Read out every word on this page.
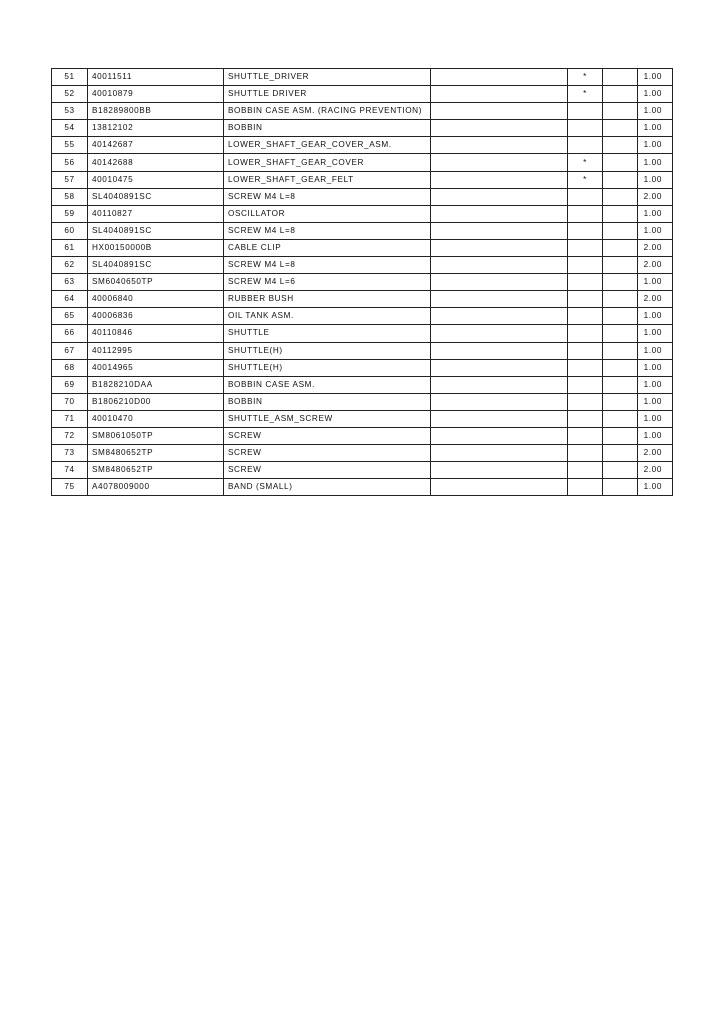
51	40011511	SHUTTLE_DRIVER		*		1.00
52	40010879	SHUTTLE DRIVER		*		1.00
53	B18289800BB	BOBBIN CASE ASM. (RACING PREVENTION)				1.00
54	13812102	BOBBIN				1.00
55	40142687	LOWER_SHAFT_GEAR_COVER_ASM.				1.00
56	40142688	LOWER_SHAFT_GEAR_COVER		*		1.00
57	40010475	LOWER_SHAFT_GEAR_FELT		*		1.00
58	SL4040891SC	SCREW M4 L=8				2.00
59	40110827	OSCILLATOR				1.00
60	SL4040891SC	SCREW M4 L=8				1.00
61	HX00150000B	CABLE CLIP				2.00
62	SL4040891SC	SCREW M4 L=8				2.00
63	SM6040650TP	SCREW M4 L=6				1.00
64	40006840	RUBBER BUSH				2.00
65	40006836	OIL TANK ASM.				1.00
66	40110846	SHUTTLE				1.00
67	40112995	SHUTTLE(H)				1.00
68	40014965	SHUTTLE(H)				1.00
69	B1828210DAA	BOBBIN CASE ASM.				1.00
70	B1806210D00	BOBBIN				1.00
71	40010470	SHUTTLE_ASM_SCREW				1.00
72	SM8061050TP	SCREW				1.00
73	SM8480652TP	SCREW				2.00
74	SM8480652TP	SCREW				2.00
75	A4078009000	BAND (SMALL)				1.00
